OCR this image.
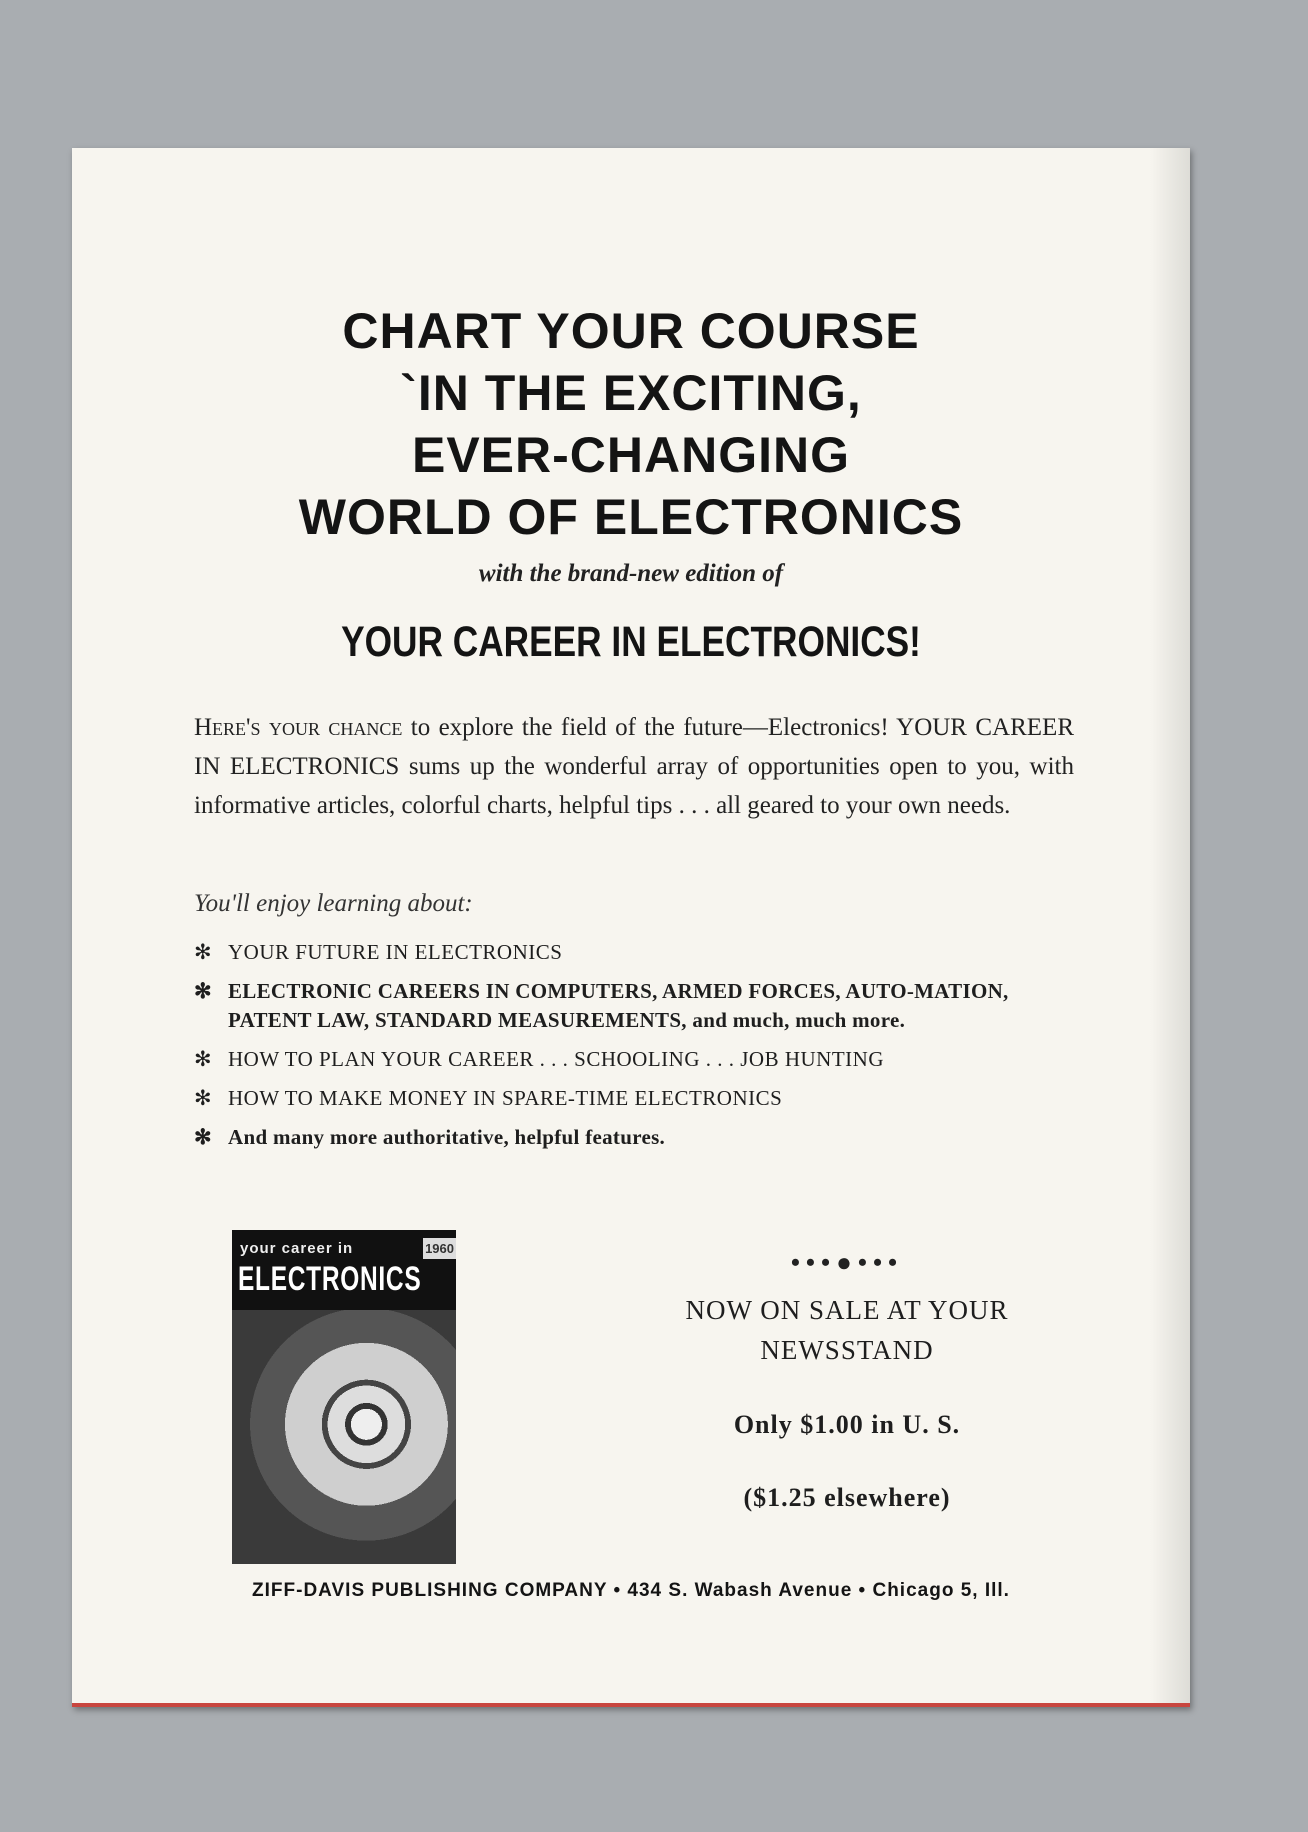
CHART YOUR COURSE
`IN THE EXCITING,
EVER-CHANGING
WORLD OF ELECTRONICS
with the brand-new edition of
YOUR CAREER IN ELECTRONICS!
Here's your chance to explore the field of the future—Electronics! YOUR CAREER IN ELECTRONICS sums up the wonderful array of opportunities open to you, with informative articles, colorful charts, helpful tips . . . all geared to your own needs.
You'll enjoy learning about:
✻ YOUR FUTURE IN ELECTRONICS
✻ ELECTRONIC CAREERS IN COMPUTERS, ARMED FORCES, AUTO-MATION, PATENT LAW, STANDARD MEASUREMENTS, and much, much more.
✻ HOW TO PLAN YOUR CAREER . . . SCHOOLING . . . JOB HUNTING
✻ HOW TO MAKE MONEY IN SPARE-TIME ELECTRONICS
✻ And many more authoritative, helpful features.
your career in
ELECTRONICS
1960	•••●•••
NOW ON SALE AT YOUR
NEWSSTAND
Only $1.00 in U. S.
($1.25 elsewhere)
ZIFF-DAVIS PUBLISHING COMPANY • 434 S. Wabash Avenue • Chicago 5, Ill.
